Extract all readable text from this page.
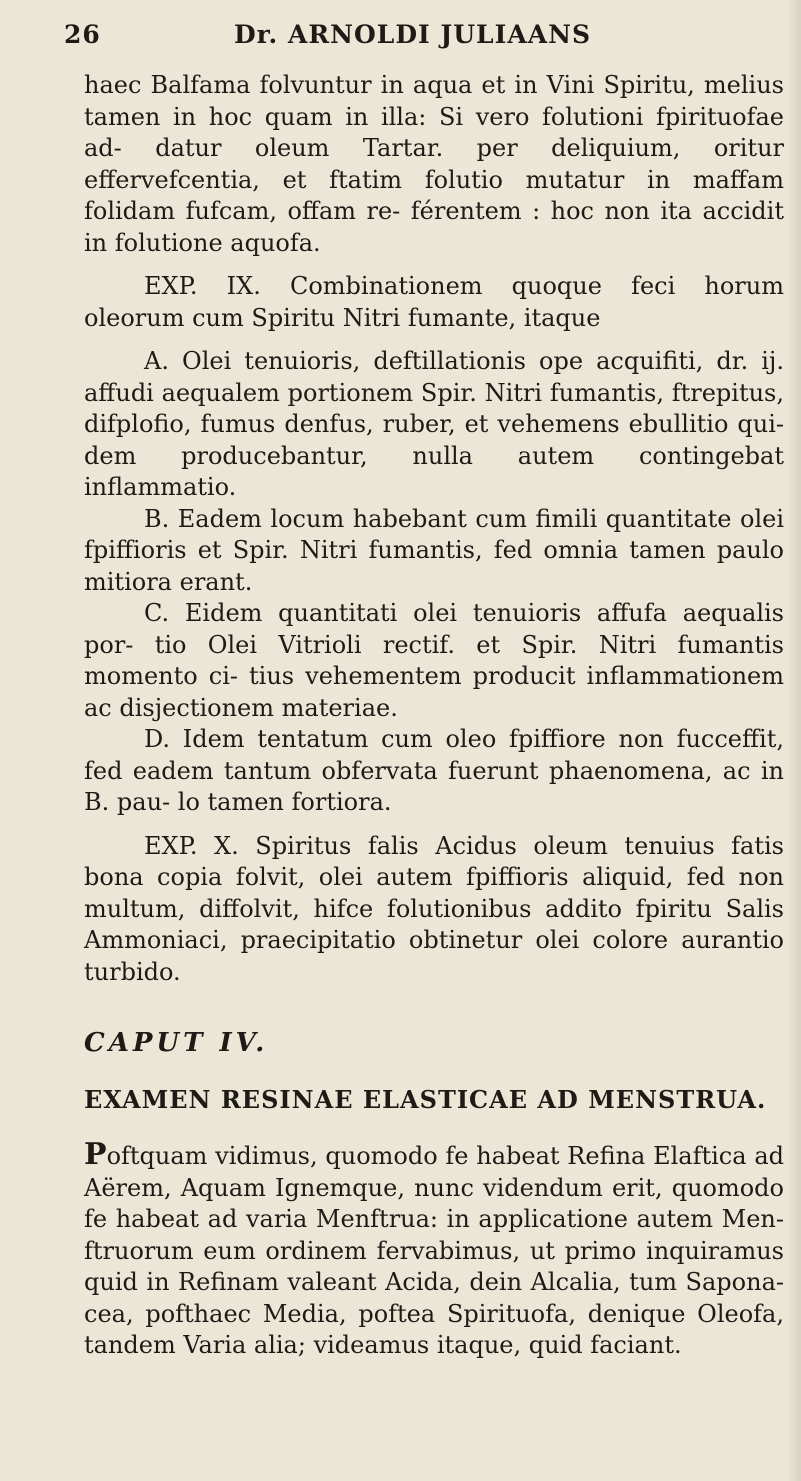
26	Dr. ARNOLDI JULIAANS

haec Balfama folvuntur in aqua et in Vini Spiritu, melius tamen in hoc quam in illa: Si vero folutioni fpirituofae ad- datur oleum Tartar. per deliquium, oritur effervefcentia, et ftatim folutio mutatur in maffam folidam fufcam, offam re- férentem : hoc non ita accidit in folutione aquofa.

EXP. IX. Combinationem quoque feci horum oleorum cum Spiritu Nitri fumante, itaque

A. Olei tenuioris, deftillationis ope acquifiti, dr. ij. affudi aequalem portionem Spir. Nitri fumantis, ftrepitus, difplofio, fumus denfus, ruber, et vehemens ebullitio qui- dem producebantur, nulla autem contingebat inflammatio.

B. Eadem locum habebant cum fimili quantitate olei fpiffioris et Spir. Nitri fumantis, fed omnia tamen paulo mitiora erant.

C. Eidem quantitati olei tenuioris affufa aequalis por- tio Olei Vitrioli rectif. et Spir. Nitri fumantis momento ci- tius vehementem producit inflammationem ac disjectionem materiae.

D. Idem tentatum cum oleo fpiffiore non fucceffit, fed eadem tantum obfervata fuerunt phaenomena, ac in B. pau- lo tamen fortiora.

EXP. X. Spiritus falis Acidus oleum tenuius fatis bona copia folvit, olei autem fpiffioris aliquid, fed non multum, diffolvit, hifce folutionibus addito fpiritu Salis Ammoniaci, praecipitatio obtinetur olei colore aurantio turbido.

CAPUT IV.

EXAMEN RESINAE ELASTICAE AD MENSTRUA.

Poftquam vidimus, quomodo fe habeat Refina Elaftica ad Aërem, Aquam Ignemque, nunc videndum erit, quomodo fe habeat ad varia Menftrua: in applicatione autem Men- ftruorum eum ordinem fervabimus, ut primo inquiramus quid in Refinam valeant Acida, dein Alcalia, tum Sapona- cea, pofthaec Media, poftea Spirituofa, denique Oleofa, tandem Varia alia; videamus itaque, quid faciant.
